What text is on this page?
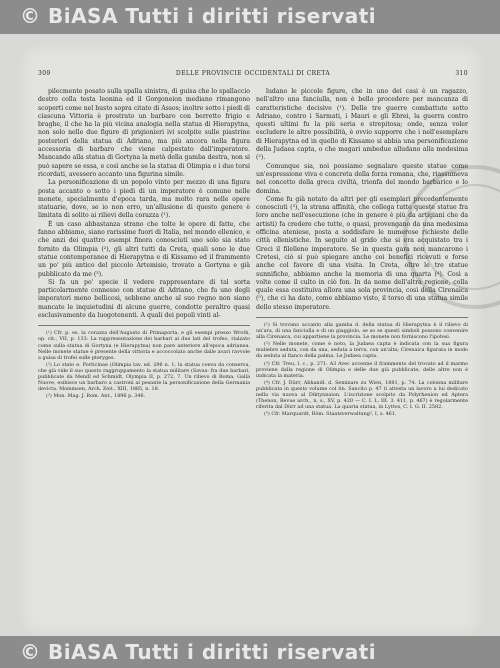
© BiASA Tutti i diritti riservati
309	DELLE PROVINCIE OCCIDENTALI DI CRETA	310

pilecmente posato sulla spalla sinistra, di guisa che lo spallaccio destro colla testa leonina ed il Gorgoneion mediano rimangono scoperti come nel busto sopra citato di Assos; inoltre sotto i piedi di ciascuna Vittoria è prostrato un barbaro con berretto frigio e braghe, il che ha la più vicina analogia nella statua di Hierapytna, non solo nelle due figure di prigionieri ivi scolpite sulle piastrine posteriori della statua di Adriano, ma più ancora nella figura accessoria di barbaro che viene calpestato dall'imperatore. Mancando alla statua di Gortyna la metà della gamba destra, non si può sapere se essa, e così anche se la statua di Olimpia e i due torsi ricordati, avessero accanto una figurina simile.

La personificazione di un popolo vinto per mezzo di una figura posta accanto o sotto i piedi di un imperatore è comune nelle monete, specialmente d'epoca tarda, ma molto rara nelle opere statuarie, dove, se io non erro, un'allusione di questo genere è limitata di solito ai rilievi della corazza (¹).

È un caso abbastanza strano che tolte le opere di fatte, che fanno abbiamo, siano rarissime fuori di Italia, nel mondo ellenico, e che anzi dei quattro esempi finora conosciuti uno solo sia stato fornito da Olimpia (²), gli altri tutti da Creta, quali sono le due statue contemporanee di Hierapytna e di Kissamo ed il frammento un po' più antico del piccolo Artemisio, trovato a Gortyna e già pubblicato da me (³).

Si fa un po' specie il vedere rappresentare di tal sorta particolarmente connesso con statue di Adriano, che fu uno degli imperatori meno bellicosi, sebbene anche al suo regno non siano mancate le inquietudini di alcune guerre, condotte peraltro quasi esclusivamente da luogotenenti. A quali dei popoli vinti al-

(¹) Cfr. p. es. la corazza dell'Augusto di Primaporta, e gli esempi presso Wroth, op. cit., VII, p. 133. La rappresentazione dei barbari ai due lati del trofeo, rialzato come sulla statua di Gortyna (e Hierapytna) non pare anteriore all'epoca adrianea. Nelle monete statue è presente della vittoria e accoccolato anche dalle avari ravvole a guisa di trofei sulle pteryges.

(²) Lo stato e. Porticinae (Olimpia tav. ed. 296 n. 1, la statua coeva da conserva, che già vide il suo questo raggruppamento la statua militare (Savas: fra due barbari, pubblicate da Mendl ed Schmidt, Olympia II, p. 272, 7. Un rilievo di Roma, Galla Nuove, esibisce un barbaro a castroni al pesante la personificazione della Germania devicta. Mommsen, Arch. Zeit., XIII, 1885, n. 18.

(³) Mon. Mag. J. Rom. Ant., 1896 p. 346.

ludano le piccole figure, che in uno dei casi è un ragazzo, nell'altro una fanciulla, non è bello procedere per mancanza di caratteristiche decisive (¹). Delle tre guerre combattute sotto Adriano, contro i Sarmati, i Mauri e gli Ebrei, la guerra contro questi ultimi fu la più seria e strepitosa; onde, senza voler escludere le altre possibilità, è ovvio supporre che i nell'esemplare di Hierapytna ed in quello di Kissamo si abbia una personificazione della Judaea capta, o che magari ambedue alludano alla medesima (²).

Comunque sia, noi possiamo segnalare queste statue come un'espressione viva e concreta della forza romana, che, riassumeva nel concetto della greca civiltà, trionfa del mondo barbarico e lo domina.

Come fu già notato da altri per gli esemplari precedentemente conosciuti (³), la strana affinità, che collega tutte queste statue fra loro anche nell'esecuzione (che in genere è più da artigiani che da artisti) fa credere che tutte, o quasi, provengano da una medesima officina ateniese, posta a soddisfare le numerose richieste delle città ellenistiche. In seguito al grido che si era acquistato tra i Greci il filelleno imperatore. Se in questa gara non mancarono i Cretesi, ciò si può spiegare anche coi benefici ricevuti e forse anche col favore di una visita. In Creta, oltre le tre statue sunnifiche, abbiamo anche la memoria di una quarta (⁴). Così a volte come il culto in ciò fon. In da nome dell'altra regione, colla quale essa costituiva allora una sola provincia, così della Cirenaica (⁵), che ci ha dato, come abbiamo visto, il torso di una statua simile dello stesso imperatore.

(¹) Si trovano accanto alla gamba d. della statua di Hierapytna è il rilievo di un'ara, di una fanciulla e di un giaggiolo, se so se questi simboli possono convenire alla Cirenaica, cui appartiene la provincia. Le monete non forniscono l'ipotesi.

(²) Nelle monete, come è noto, la Judaea capta è indicata con la sua figura muliebre seduta, con da una, seduta a terra, con un'alta; Cirenaica figurata in modo da seduta al fianco della palma. Le Judaea capta.

(³) Cfr. Treu, l. c., p. 271. A3 Avec accenne il frammento del trovato ad il marmo proviene dalla regione di Olimpia e delle due già pubblicate; delle altre non è indicata la materia.

(⁴) Cfr. J. Dürr, Abhandl. d. Seminars zu Wien, 1881, p. 74. La colonna militare pubblicata in questo volume col Sn. Sancito p. 47 ti attesta un lavoro a lui dedicato nella via nuova al Diktynnaion. L'iscrizione scolpito da Polyrhenion ed Aptera (Thenon, Bevue arch., n. s., XV, p. 420 — C. I. L. III. 3. 411, p. 467) è regolarmente riferita dal Dürr ad una statua. La quarta statua, in Lyttos, C. I. G. II. 2582.

(⁵) Cfr. Marquardt, Röm. Staatsverwaltung², I, s. 461.

© BiASA Tutti i diritti riservati
